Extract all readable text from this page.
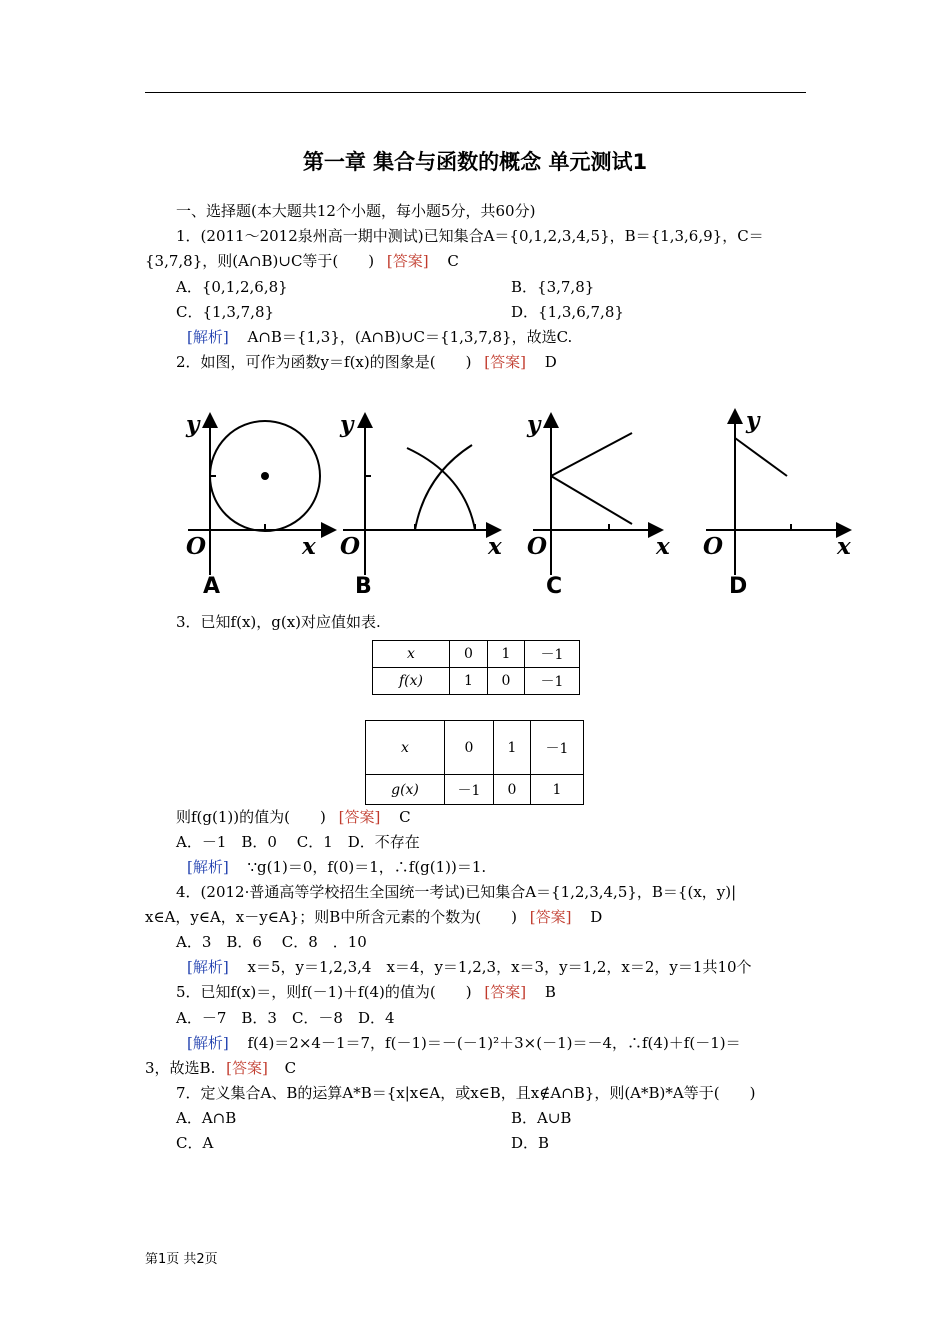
第一章 集合与函数的概念 单元测试1
一、选择题(本大题共12个小题，每小题5分，共60分)
1．(2011～2012泉州高一期中测试)已知集合A＝{0,1,2,3,4,5}，B＝{1,3,6,9}，C＝
{3,7,8}，则(A∩B)∪C等于(　　) [答案] C
A．{0,1,2,6,8}	B．{3,7,8}
C．{1,3,7,8}	D．{1,3,6,7,8}
[解析] A∩B＝{1,3}，(A∩B)∪C＝{1,3,7,8}，故选C.
2．如图，可作为函数y＝f(x)的图象是(　　) [答案] D
y
O	x
y
O	x
y
O	x
y
O	x
A	B	C	D
3．已知f(x)，g(x)对应值如表.
x	0	1	－1
f(x)	1	0	－1
x	0	1	－1
g(x)	－1	0	1
则f(g(1))的值为(　　) [答案] C
A．－1　B．0　 C．1　D．不存在
[解析] ∵g(1)＝0，f(0)＝1，∴f(g(1))＝1.
4．(2012·普通高等学校招生全国统一考试)已知集合A＝{1,2,3,4,5}，B＝{(x，y)|
x∈A，y∈A，x－y∈A}；则B中所含元素的个数为(　　) [答案] D
A．3　B．6　 C．8　．10
[解析] x＝5，y＝1,2,3,4　x＝4，y＝1,2,3，x＝3，y＝1,2，x＝2，y＝1共10个
5．已知f(x)＝，则f(－1)＋f(4)的值为(　　) [答案] B
A．－7　B．3　C．－8　D．4
[解析] f(4)＝2×4－1＝7，f(－1)＝－(－1)²＋3×(－1)＝－4，∴f(4)＋f(－1)＝
3，故选B. [答案] C
7．定义集合A、B的运算A*B＝{x|x∈A，或x∈B，且x∉A∩B}，则(A*B)*A等于(　　)
A．A∩B	B．A∪B
C．A	D．B
第1页 共2页
